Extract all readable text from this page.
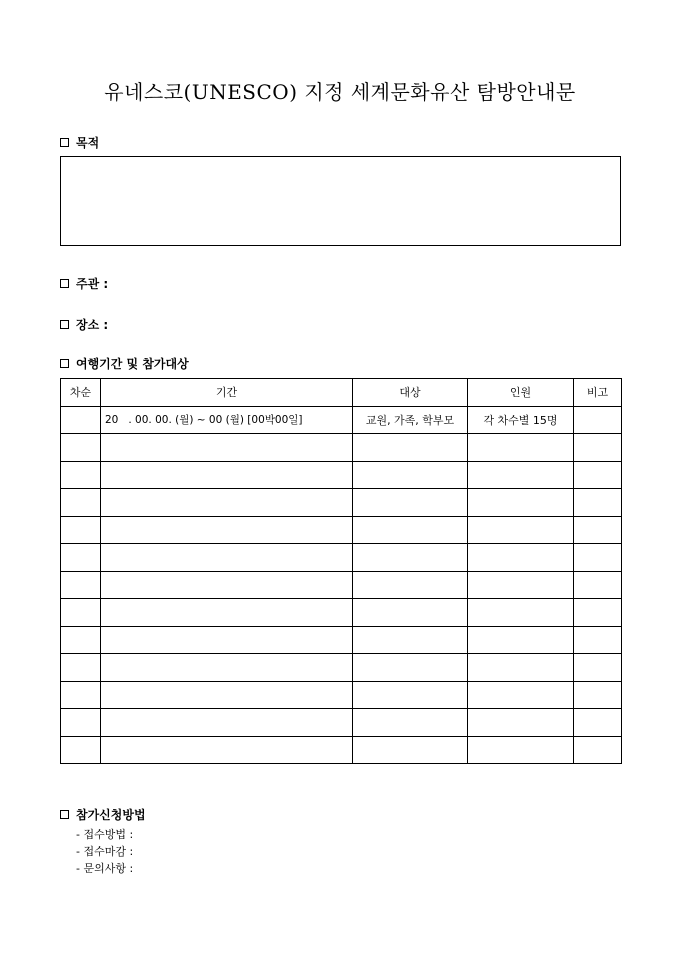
유네스코(UNESCO) 지정 세계문화유산 탐방안내문
목적
주관 :
장소 :
여행기간 및 참가대상
차순	기간	대상	인원	비고
	20   . 00. 00. (월) ~ 00 (월) [00박00일]	교원, 가족, 학부모	각 차수별 15명	

참가신청방법
- 접수방법 :
- 접수마감 :
- 문의사항 :
